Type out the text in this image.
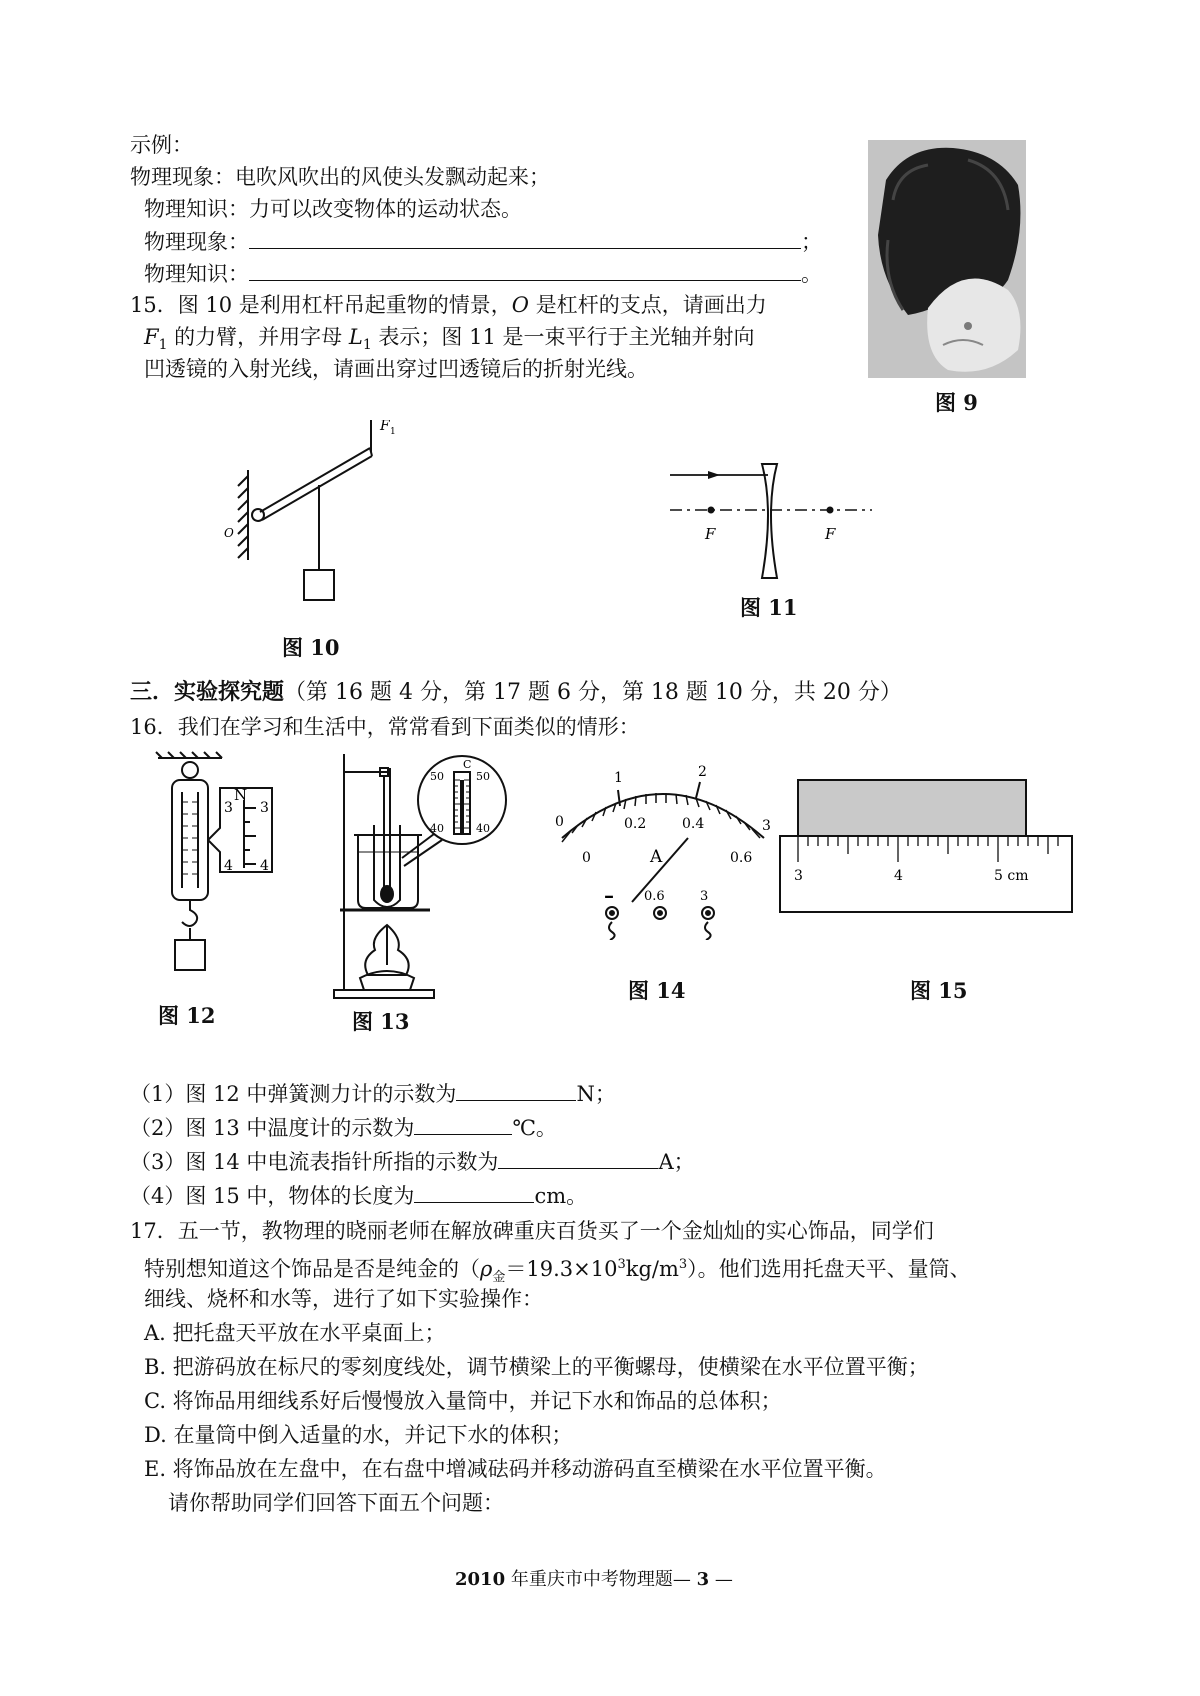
示例：
物理现象：电吹风吹出的风使头发飘动起来；
物理知识：力可以改变物体的运动状态。
物理现象：	；
物理知识：	。
图 9
15．图 10 是利用杠杆吊起重物的情景，O 是杠杆的支点，请画出力
$F_1$ 的力臂，并用字母 $L_1$ 表示；图 11 是一束平行于主光轴并射向
凹透镜的入射光线，请画出穿过凹透镜后的折射光线。
F 1
O
图 10
F	F
图 11
三．实验探究题（第 16 题 4 分，第 17 题 6 分，第 18 题 10 分，共 20 分）
16．我们在学习和生活中，常常看到下面类似的情形：
N
3 3
4 4
图 12
C
50	50
40	40
图 13
0
1	2
3
0
0.2	0.4
0.6
A
– 0.6	3
图 14
3	4	5 cm
图 15
（1）图 12 中弹簧测力计的示数为	N；
（2）图 13 中温度计的示数为	℃。
（3）图 14 中电流表指针所指的示数为	A；
（4）图 15 中，物体的长度为	cm。
17．五一节，教物理的晓丽老师在解放碑重庆百货买了一个金灿灿的实心饰品，同学们
特别想知道这个饰品是否是纯金的$(\rho_金=19.3\times 10^3kg/m^3)$。他们选用托盘天平、量筒、
细线、烧杯和水等，进行了如下实验操作：
A. 把托盘天平放在水平桌面上；
B. 把游码放在标尺的零刻度线处，调节横梁上的平衡螺母，使横梁在水平位置平衡；
C. 将饰品用细线系好后慢慢放入量筒中，并记下水和饰品的总体积；
D. 在量筒中倒入适量的水，并记下水的体积；
E. 将饰品放在左盘中，在右盘中增减砝码并移动游码直至横梁在水平位置平衡。
请你帮助同学们回答下面五个问题：
2010 年重庆市中考物理题— 3 —
